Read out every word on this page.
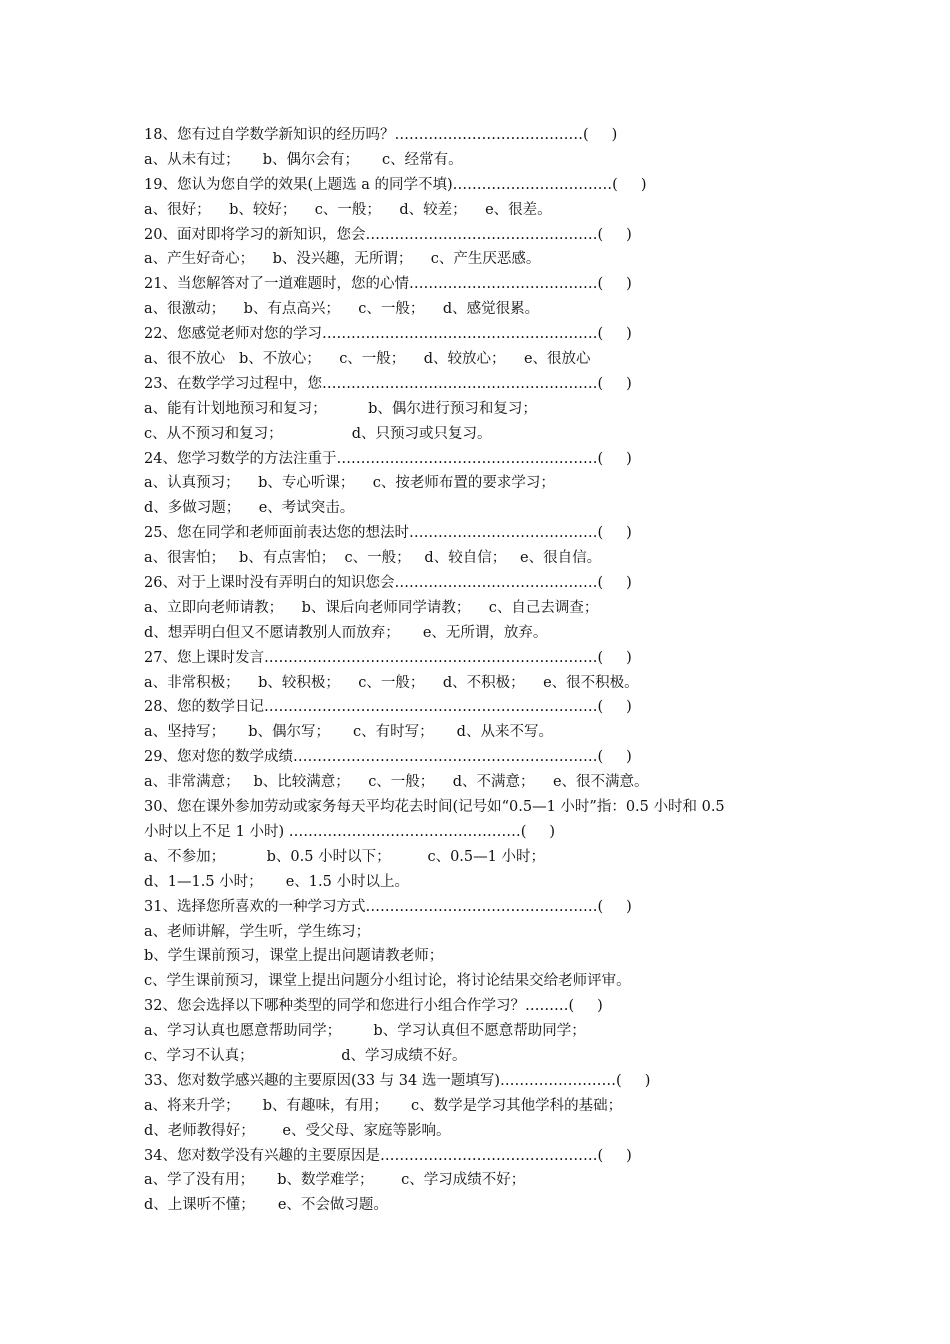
18、您有过自学数学新知识的经历吗？…………………………………(     )
a、从未有过；     b、偶尔会有；     c、经常有。
19、您认为您自学的效果(上题选 a 的同学不填)……………………………(     )
a、很好；    b、较好；    c、一般；    d、较差；    e、很差。
20、面对即将学习的新知识，您会…………………………………………(     )
a、产生好奇心；    b、没兴趣，无所谓；    c、产生厌恶感。
21、当您解答对了一道难题时，您的心情…………………………………(     )
a、很激动；    b、有点高兴；    c、一般；    d、感觉很累。
22、您感觉老师对您的学习…………………………………………………(     )
a、很不放心   b、不放心；    c、一般；    d、较放心；    e、很放心
23、在数学学习过程中，您…………………………………………………(     )
a、能有计划地预习和复习；         b、偶尔进行预习和复习；
c、从不预习和复习；               d、只预习或只复习。
24、您学习数学的方法注重于………………………………………………(     )
a、认真预习；    b、专心听课；    c、按老师布置的要求学习；
d、多做习题；    e、考试突击。
25、您在同学和老师面前表达您的想法时…………………………………(     )
a、很害怕；   b、有点害怕；  c、一般；   d、较自信；   e、很自信。
26、对于上课时没有弄明白的知识您会……………………………………(     )
a、立即向老师请教；    b、课后向老师同学请教；    c、自己去调查；
d、想弄明白但又不愿请教别人而放弃；     e、无所谓，放弃。
27、您上课时发言……………………………………………………………(     )
a、非常积极；    b、较积极；    c、一般；    d、不积极；    e、很不积极。
28、您的数学日记……………………………………………………………(     )
a、坚持写；     b、偶尔写；     c、有时写；     d、从来不写。
29、您对您的数学成绩………………………………………………………(     )
a、非常满意；   b、比较满意；    c、一般；    d、不满意；    e、很不满意。
30、您在课外参加劳动或家务每天平均花去时间(记号如“0.5—1 小时”指：0.5 小时和 0.5
小时以上不足 1 小时) …………………………………………(     )
a、不参加；         b、0.5 小时以下；        c、0.5—1 小时；
d、1—1.5 小时；     e、1.5 小时以上。
31、选择您所喜欢的一种学习方式…………………………………………(     )
a、老师讲解，学生听，学生练习；
b、学生课前预习，课堂上提出问题请教老师；
c、学生课前预习，课堂上提出问题分小组讨论，将讨论结果交给老师评审。
32、您会选择以下哪种类型的同学和您进行小组合作学习？………(     )
a、学习认真也愿意帮助同学；       b、学习认真但不愿意帮助同学；
c、学习不认真；                   d、学习成绩不好。
33、您对数学感兴趣的主要原因(33 与 34 选一题填写)……………………(     )
a、将来升学；     b、有趣味，有用；     c、数学是学习其他学科的基础；
d、老师教得好；      e、受父母、家庭等影响。
34、您对数学没有兴趣的主要原因是………………………………………(     )
a、学了没有用；     b、数学难学；      c、学习成绩不好；
d、上课听不懂；     e、不会做习题。
